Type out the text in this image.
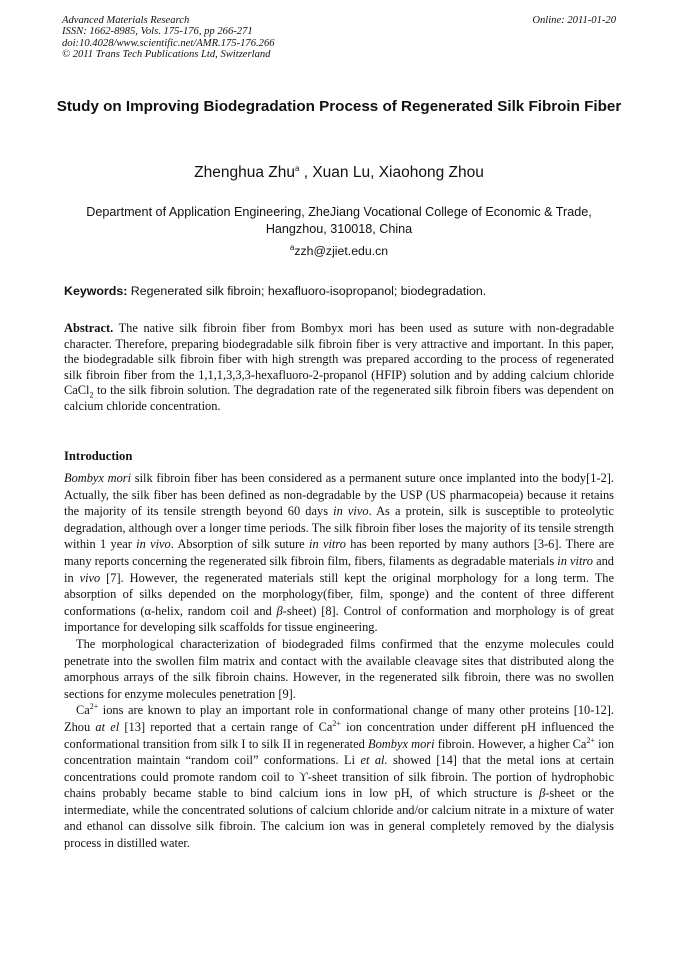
Advanced Materials Research
ISSN: 1662-8985, Vols. 175-176, pp 266-271
doi:10.4028/www.scientific.net/AMR.175-176.266
© 2011 Trans Tech Publications Ltd, Switzerland
Online: 2011-01-20
Study on Improving Biodegradation Process of Regenerated Silk Fibroin Fiber
Zhenghua Zhu$^a$ , Xuan Lu, Xiaohong Zhou
Department of Application Engineering, ZheJiang Vocational College of Economic & Trade,
Hangzhou, 310018, China
$^a$zzh@zjiet.edu.cn
Keywords: Regenerated silk fibroin; hexafluoro-isopropanol; biodegradation.
Abstract. The native silk fibroin fiber from Bombyx mori has been used as suture with non-degradable character. Therefore, preparing biodegradable silk fibroin fiber is very attractive and important. In this paper, the biodegradable silk fibroin fiber with high strength was prepared according to the process of regenerated silk fibroin fiber from the 1,1,1,3,3,3-hexafluoro-2-propanol (HFIP) solution and by adding calcium chloride CaCl$_2$ to the silk fibroin solution. The degradation rate of the regenerated silk fibroin fibers was dependent on calcium chloride concentration.
Introduction

Bombyx mori silk fibroin fiber has been considered as a permanent suture once implanted into the body[1-2]. Actually, the silk fiber has been defined as non-degradable by the USP (US pharmacopeia) because it retains the majority of its tensile strength beyond 60 days in vivo. As a protein, silk is susceptible to proteolytic degradation, although over a longer time periods. The silk fibroin fiber loses the majority of its tensile strength within 1 year in vivo. Absorption of silk suture in vitro has been reported by many authors [3-6]. There are many reports concerning the regenerated silk fibroin film, fibers, filaments as degradable materials in vitro and in vivo [7]. However, the regenerated materials still kept the original morphology for a long term. The absorption of silks depended on the morphology(fiber, film, sponge) and the content of three different conformations (α-helix, random coil and β-sheet) [8]. Control of conformation and morphology is of great importance for developing silk scaffolds for tissue engineering.

The morphological characterization of biodegraded films confirmed that the enzyme molecules could penetrate into the swollen film matrix and contact with the available cleavage sites that distributed along the amorphous arrays of the silk fibroin chains. However, in the regenerated silk fibroin, there was no swollen sections for enzyme molecules penetration [9].

$Ca^{2+}$ ions are known to play an important role in conformational change of many other proteins [10-12]. Zhou at el [13] reported that a certain range of $Ca^{2+}$ ion concentration under different pH influenced the conformational transition from silk I to silk II in regenerated Bombyx mori fibroin. However, a higher $Ca^{2+}$ ion concentration maintain “random coil” conformations. Li et al. showed [14] that the metal ions at certain concentrations could promote random coil to ϒ-sheet transition of silk fibroin. The portion of hydrophobic chains probably became stable to bind calcium ions in low pH, of which structure is β-sheet or the intermediate, while the concentrated solutions of calcium chloride and/or calcium nitrate in a mixture of water and ethanol can dissolve silk fibroin. The calcium ion was in general completely removed by the dialysis process in distilled water.
